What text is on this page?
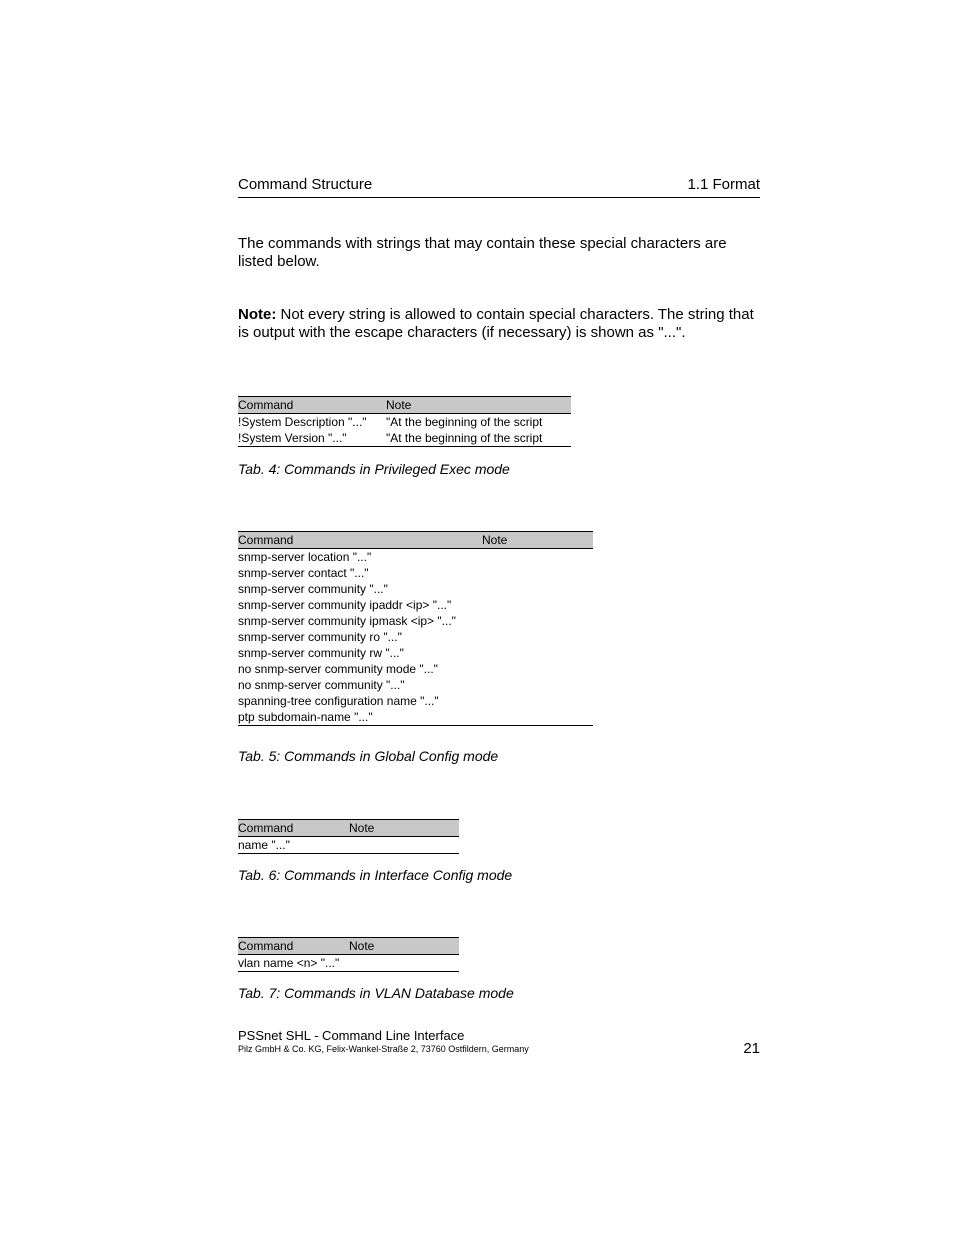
Command Structure	1.1 Format
The commands with strings that may contain these special characters are listed below.
Note: Not every string is allowed to contain special characters. The string that is output with the escape characters (if necessary) is shown as "...".
Command	Note
!System Description "..."	"At the beginning of the script
!System Version "..."	"At the beginning of the script
Tab. 4: Commands in Privileged Exec mode
Command	Note
snmp-server location "..."	
snmp-server contact "..."	
snmp-server community "..."	
snmp-server community ipaddr <ip> "..."	
snmp-server community ipmask <ip> "..."	
snmp-server community ro "..."	
snmp-server community rw "..."	
no snmp-server community mode "..."	
no snmp-server community "..."	
spanning-tree configuration name "..."	
ptp subdomain-name "..."	
Tab. 5: Commands in Global Config mode
Command	Note
name "..."	
Tab. 6: Commands in Interface Config mode
Command	Note
vlan name <n> "..."	
Tab. 7: Commands in VLAN Database mode
PSSnet SHL - Command Line Interface
Pilz GmbH & Co. KG, Felix-Wankel-Straße 2, 73760 Ostfildern, Germany	21
